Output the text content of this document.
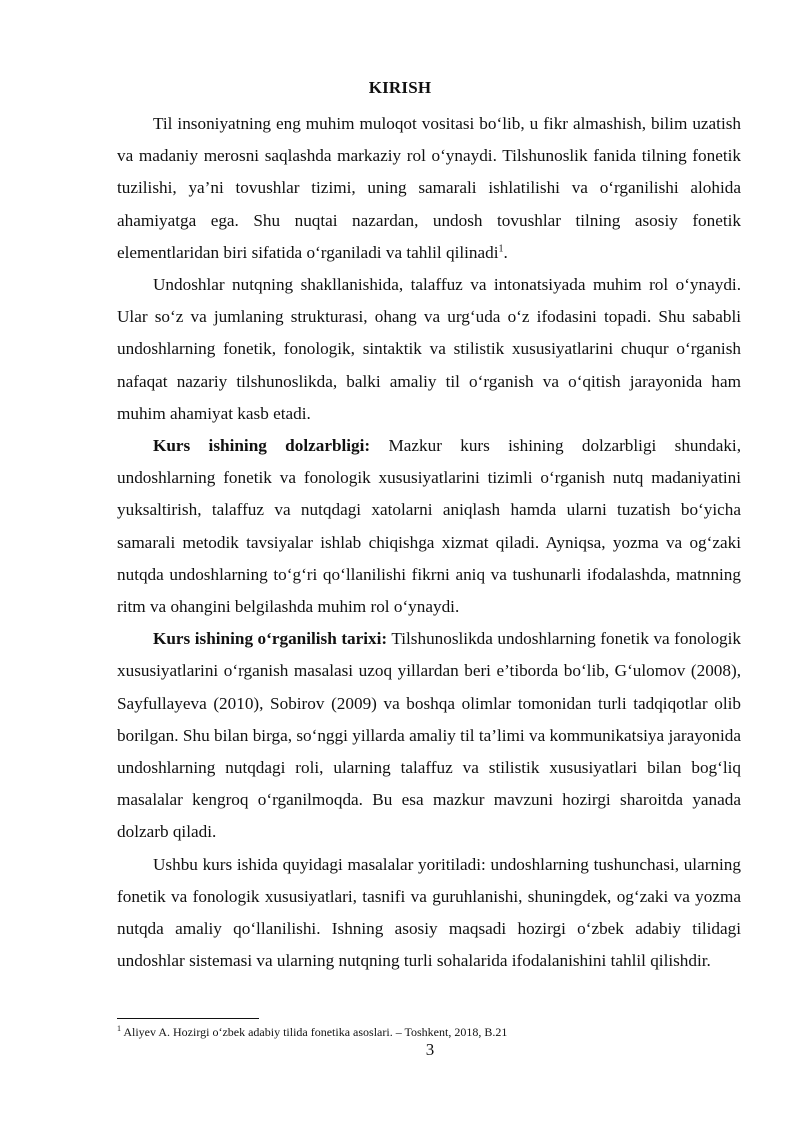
KIRISH

Til insoniyatning eng muhim muloqot vositasi bo‘lib, u fikr almashish, bilim uzatish va madaniy merosni saqlashda markaziy rol o‘ynaydi. Tilshunoslik fanida tilning fonetik tuzilishi, ya’ni tovushlar tizimi, uning samarali ishlatilishi va o‘rganilishi alohida ahamiyatga ega. Shu nuqtai nazardan, undosh tovushlar tilning asosiy fonetik elementlaridan biri sifatida o‘rganiladi va tahlil qilinadi$^1$.

Undoshlar nutqning shakllanishida, talaffuz va intonatsiyada muhim rol o‘ynaydi. Ular so‘z va jumlaning strukturasi, ohang va urg‘uda o‘z ifodasini topadi. Shu sababli undoshlarning fonetik, fonologik, sintaktik va stilistik xususiyatlarini chuqur o‘rganish nafaqat nazariy tilshunoslikda, balki amaliy til o‘rganish va o‘qitish jarayonida ham muhim ahamiyat kasb etadi.

Kurs ishining dolzarbligi: Mazkur kurs ishining dolzarbligi shundaki, undoshlarning fonetik va fonologik xususiyatlarini tizimli o‘rganish nutq madaniyatini yuksaltirish, talaffuz va nutqdagi xatolarni aniqlash hamda ularni tuzatish bo‘yicha samarali metodik tavsiyalar ishlab chiqishga xizmat qiladi. Ayniqsa, yozma va og‘zaki nutqda undoshlarning to‘g‘ri qo‘llanilishi fikrni aniq va tushunarli ifodalashda, matnning ritm va ohangini belgilashda muhim rol o‘ynaydi.

Kurs ishining o‘rganilish tarixi: Tilshunoslikda undoshlarning fonetik va fonologik xususiyatlarini o‘rganish masalasi uzoq yillardan beri e’tiborda bo‘lib, G‘ulomov (2008), Sayfullayeva (2010), Sobirov (2009) va boshqa olimlar tomonidan turli tadqiqotlar olib borilgan. Shu bilan birga, so‘nggi yillarda amaliy til ta’limi va kommunikatsiya jarayonida undoshlarning nutqdagi roli, ularning talaffuz va stilistik xususiyatlari bilan bog‘liq masalalar kengroq o‘rganilmoqda. Bu esa mazkur mavzuni hozirgi sharoitda yanada dolzarb qiladi.

Ushbu kurs ishida quyidagi masalalar yoritiladi: undoshlarning tushunchasi, ularning fonetik va fonologik xususiyatlari, tasnifi va guruhlanishi, shuningdek, og‘zaki va yozma nutqda amaliy qo‘llanilishi. Ishning asosiy maqsadi hozirgi o‘zbek adabiy tilidagi undoshlar sistemasi va ularning nutqning turli sohalarida ifodalanishini tahlil qilishdir.

$^1$ Aliyev A. Hozirgi o‘zbek adabiy tilida fonetika asoslari. – Toshkent, 2018, B.21
3
